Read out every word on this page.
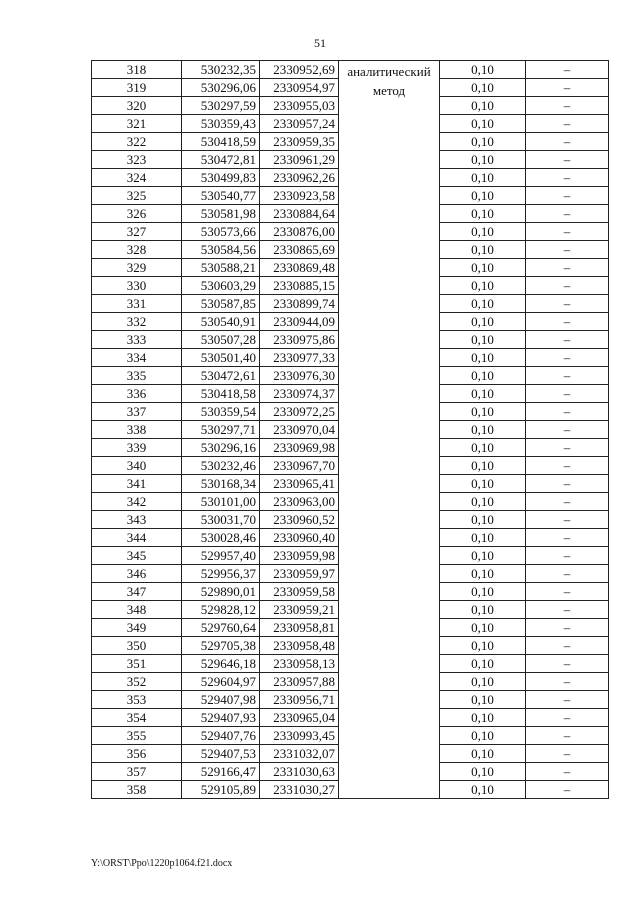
51
318	530232,35	2330952,69	аналитический метод	0,10	–
319	530296,06	2330954,97		0,10	–
320	530297,59	2330955,03		0,10	–
321	530359,43	2330957,24		0,10	–
322	530418,59	2330959,35		0,10	–
323	530472,81	2330961,29		0,10	–
324	530499,83	2330962,26		0,10	–
325	530540,77	2330923,58		0,10	–
326	530581,98	2330884,64		0,10	–
327	530573,66	2330876,00		0,10	–
328	530584,56	2330865,69		0,10	–
329	530588,21	2330869,48		0,10	–
330	530603,29	2330885,15		0,10	–
331	530587,85	2330899,74		0,10	–
332	530540,91	2330944,09		0,10	–
333	530507,28	2330975,86		0,10	–
334	530501,40	2330977,33		0,10	–
335	530472,61	2330976,30		0,10	–
336	530418,58	2330974,37		0,10	–
337	530359,54	2330972,25		0,10	–
338	530297,71	2330970,04		0,10	–
339	530296,16	2330969,98		0,10	–
340	530232,46	2330967,70		0,10	–
341	530168,34	2330965,41		0,10	–
342	530101,00	2330963,00		0,10	–
343	530031,70	2330960,52		0,10	–
344	530028,46	2330960,40		0,10	–
345	529957,40	2330959,98		0,10	–
346	529956,37	2330959,97		0,10	–
347	529890,01	2330959,58		0,10	–
348	529828,12	2330959,21		0,10	–
349	529760,64	2330958,81		0,10	–
350	529705,38	2330958,48		0,10	–
351	529646,18	2330958,13		0,10	–
352	529604,97	2330957,88		0,10	–
353	529407,98	2330956,71		0,10	–
354	529407,93	2330965,04		0,10	–
355	529407,76	2330993,45		0,10	–
356	529407,53	2331032,07		0,10	–
357	529166,47	2331030,63		0,10	–
358	529105,89	2331030,27		0,10	–
Y:\ORST\Ppo\1220p1064.f21.docx
